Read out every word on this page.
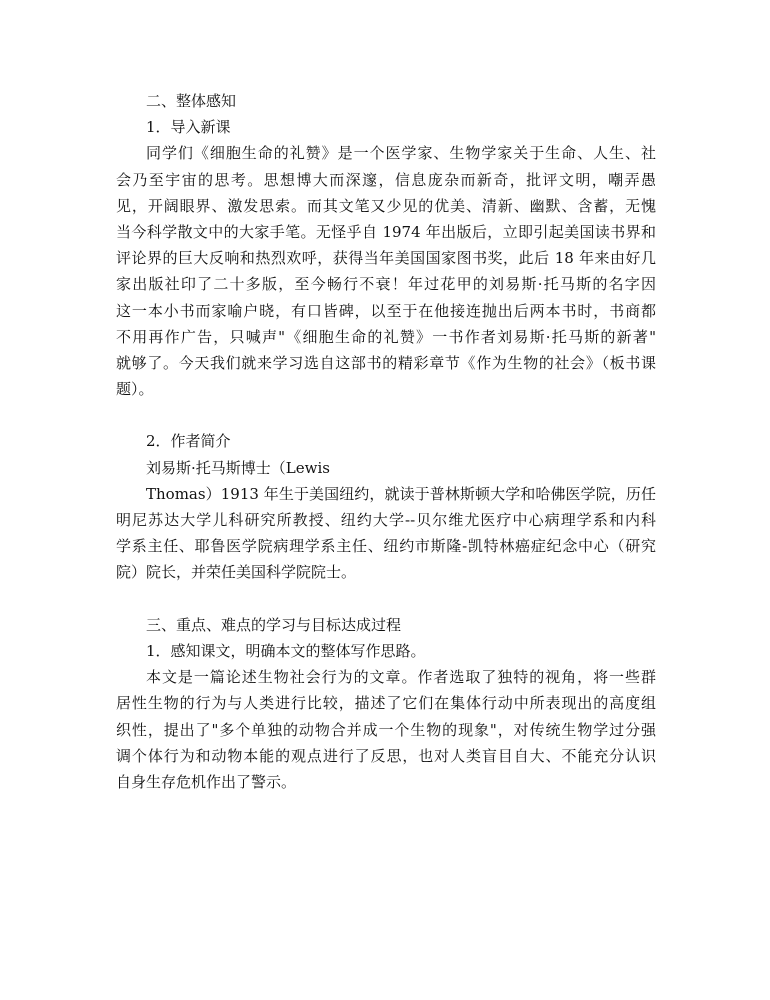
二、整体感知
1．导入新课
同学们《细胞生命的礼赞》是一个医学家、生物学家关于生命、人生、社
会乃至宇宙的思考。思想博大而深邃，信息庞杂而新奇，批评文明，嘲弄愚
见，开阔眼界、激发思索。而其文笔又少见的优美、清新、幽默、含蓄，无愧
当今科学散文中的大家手笔。无怪乎自 1974 年出版后，立即引起美国读书界和
评论界的巨大反响和热烈欢呼，获得当年美国国家图书奖，此后 18 年来由好几
家出版社印了二十多版，至今畅行不衰！年过花甲的刘易斯·托马斯的名字因
这一本小书而家喻户晓，有口皆碑，以至于在他接连抛出后两本书时，书商都
不用再作广告，只喊声"《细胞生命的礼赞》一书作者刘易斯·托马斯的新著"
就够了。今天我们就来学习选自这部书的精彩章节《作为生物的社会》（板书课
题）。
2．作者简介
刘易斯·托马斯博士（Lewis
Thomas）1913 年生于美国纽约，就读于普林斯顿大学和哈佛医学院，历任
明尼苏达大学儿科研究所教授、纽约大学--贝尔维尤医疗中心病理学系和内科
学系主任、耶鲁医学院病理学系主任、纽约市斯隆-凯特林癌症纪念中心（研究
院）院长，并荣任美国科学院院士。
三、重点、难点的学习与目标达成过程
1．感知课文，明确本文的整体写作思路。
本文是一篇论述生物社会行为的文章。作者选取了独特的视角，将一些群
居性生物的行为与人类进行比较，描述了它们在集体行动中所表现出的高度组
织性，提出了"多个单独的动物合并成一个生物的现象"，对传统生物学过分强
调个体行为和动物本能的观点进行了反思，也对人类盲目自大、不能充分认识
自身生存危机作出了警示。
